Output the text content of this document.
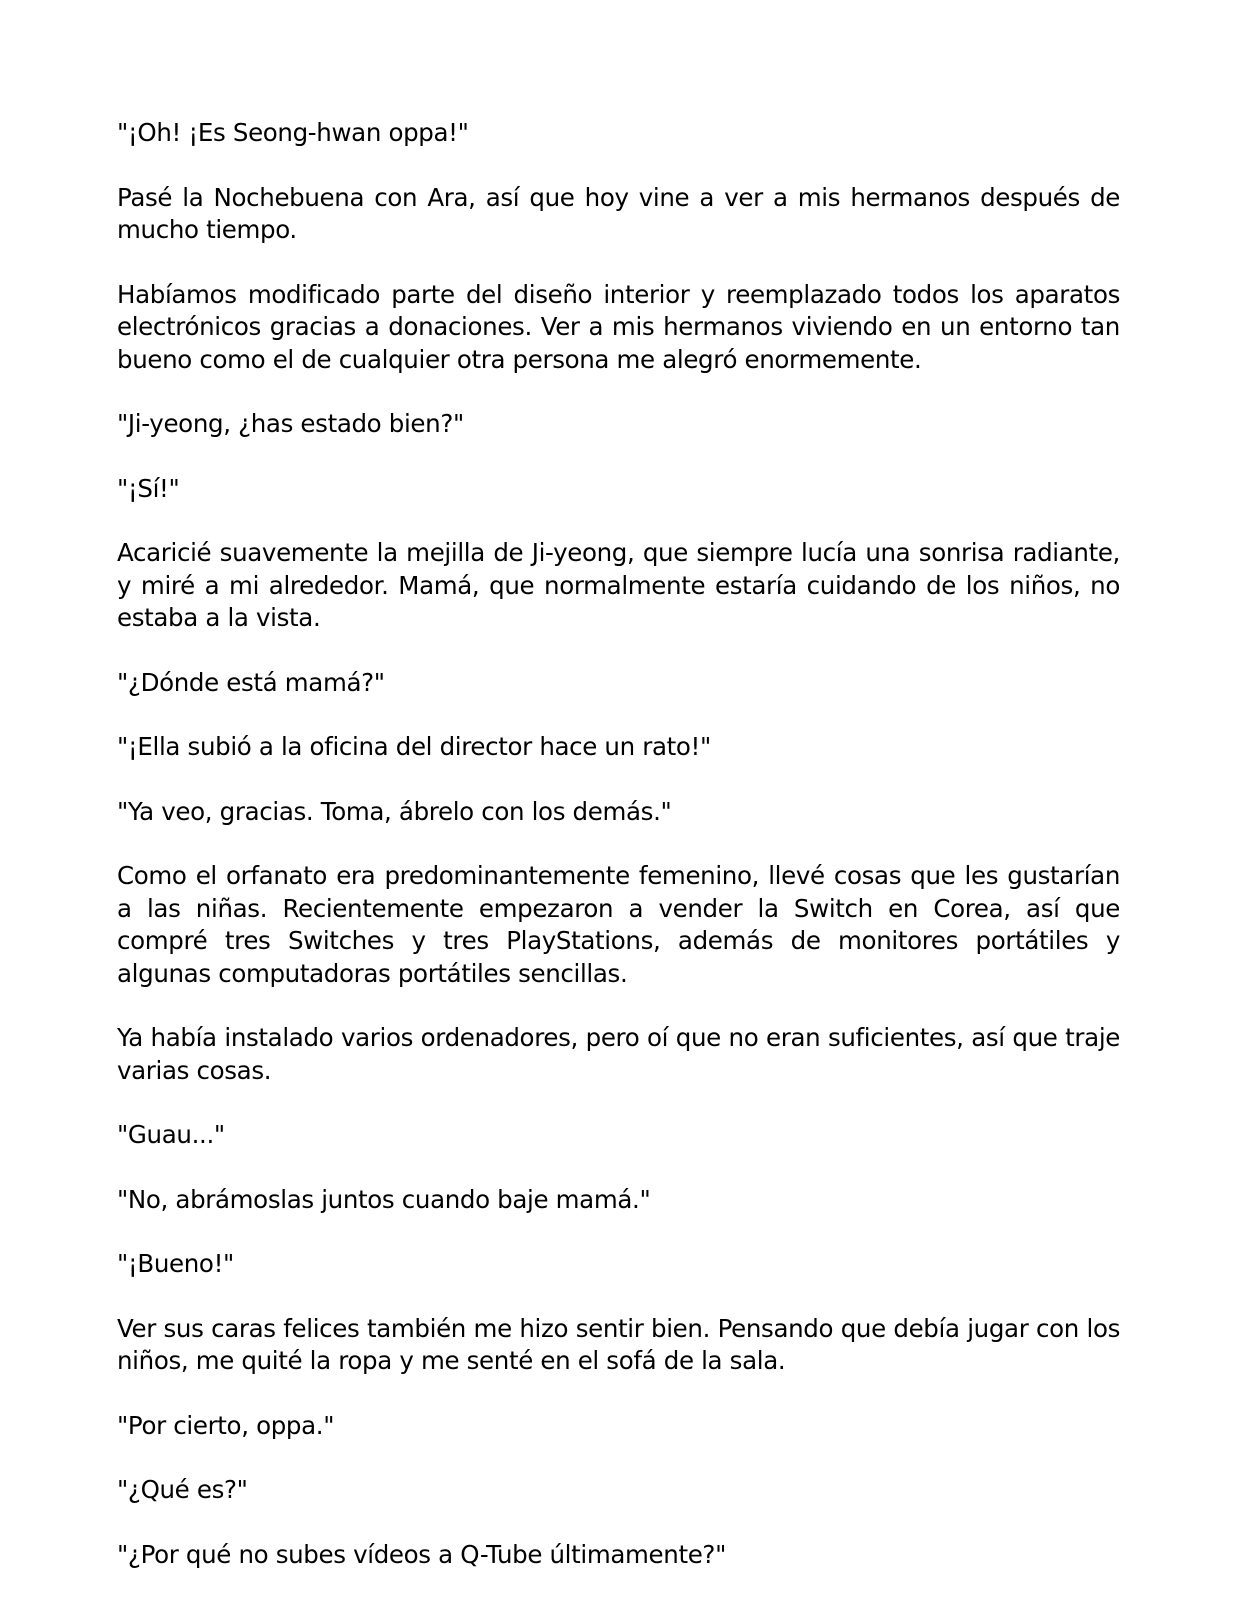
"¡Oh! ¡Es Seong-hwan oppa!"

Pasé la Nochebuena con Ara, así que hoy vine a ver a mis hermanos después de mucho tiempo.

Habíamos modificado parte del diseño interior y reemplazado todos los aparatos electrónicos gracias a donaciones. Ver a mis hermanos viviendo en un entorno tan bueno como el de cualquier otra persona me alegró enormemente.

"Ji-yeong, ¿has estado bien?"

"¡Sí!"

Acaricié suavemente la mejilla de Ji-yeong, que siempre lucía una sonrisa radiante, y miré a mi alrededor. Mamá, que normalmente estaría cuidando de los niños, no estaba a la vista.

"¿Dónde está mamá?"

"¡Ella subió a la oficina del director hace un rato!"

"Ya veo, gracias. Toma, ábrelo con los demás."

Como el orfanato era predominantemente femenino, llevé cosas que les gustarían a las niñas. Recientemente empezaron a vender la Switch en Corea, así que compré tres Switches y tres PlayStations, además de monitores portátiles y algunas computadoras portátiles sencillas.

Ya había instalado varios ordenadores, pero oí que no eran suficientes, así que traje varias cosas.

"Guau..."

"No, abrámoslas juntos cuando baje mamá."

"¡Bueno!"

Ver sus caras felices también me hizo sentir bien. Pensando que debía jugar con los niños, me quité la ropa y me senté en el sofá de la sala.

"Por cierto, oppa."

"¿Qué es?"

"¿Por qué no subes vídeos a Q-Tube últimamente?"
